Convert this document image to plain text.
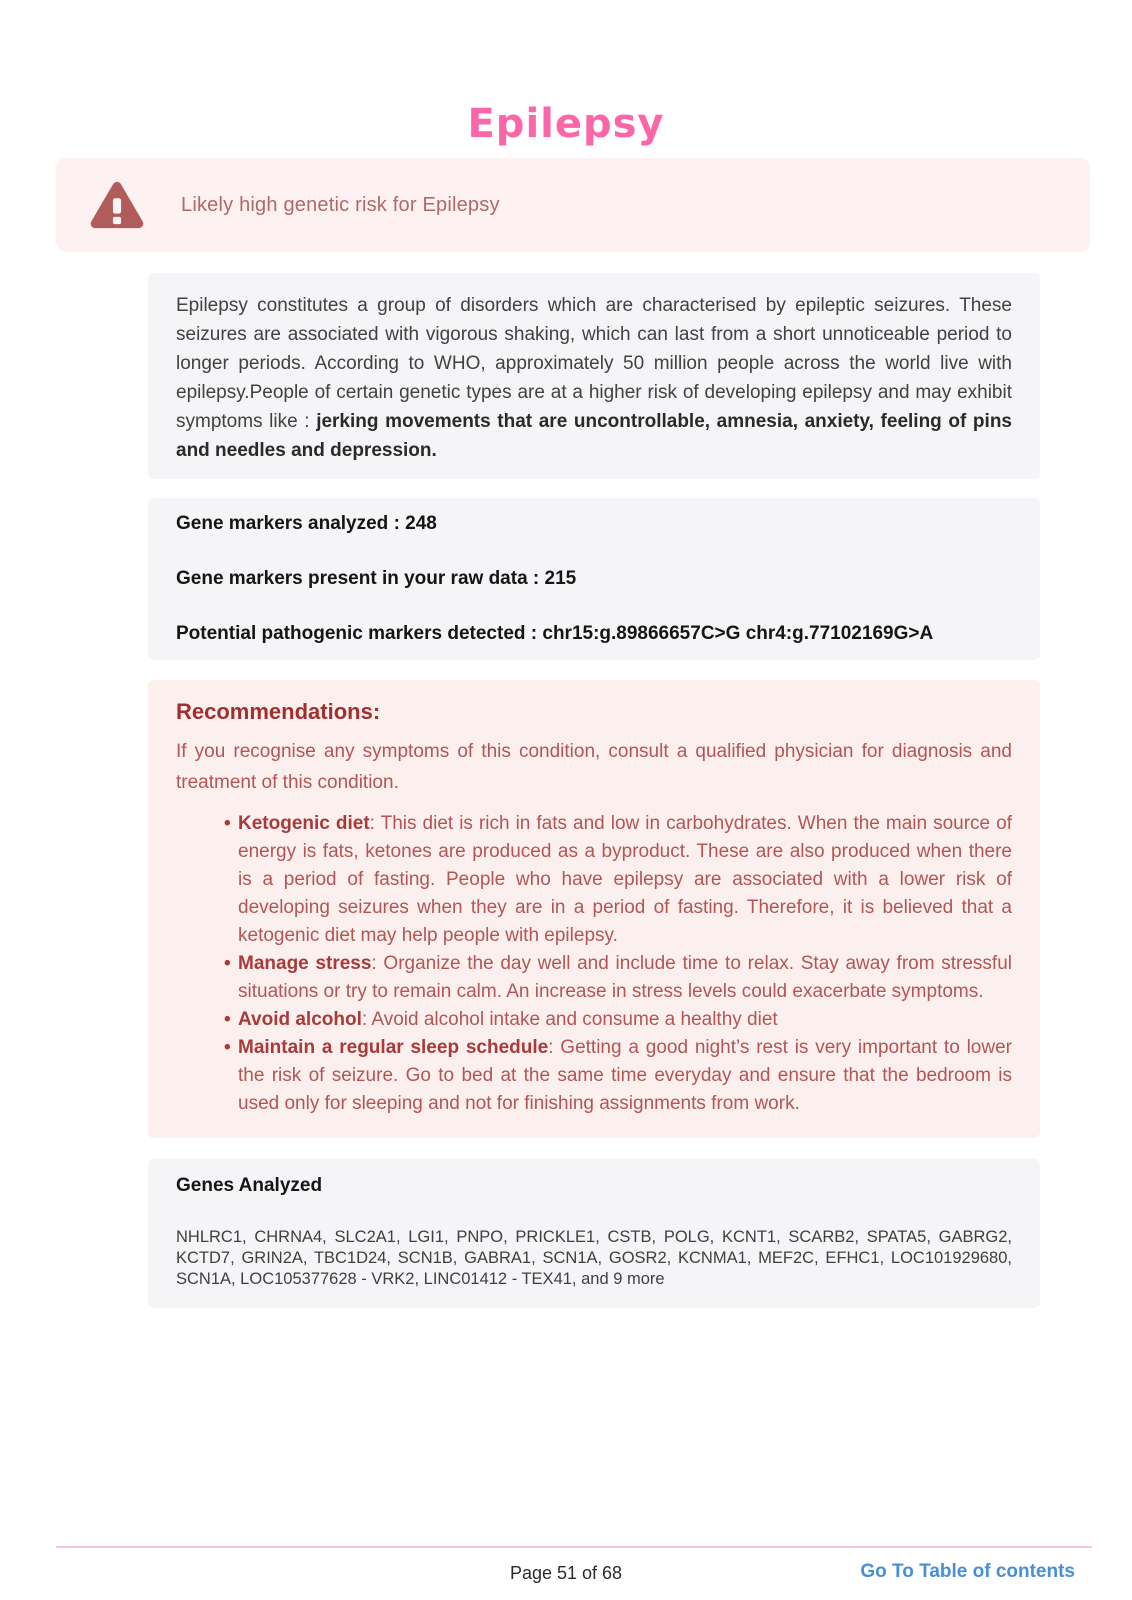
Epilepsy
Likely high genetic risk for Epilepsy

Epilepsy constitutes a group of disorders which are characterised by epileptic seizures. These seizures are associated with vigorous shaking, which can last from a short unnoticeable period to longer periods. According to WHO, approximately 50 million people across the world live with epilepsy.People of certain genetic types are at a higher risk of developing epilepsy and may exhibit symptoms like : jerking movements that are uncontrollable, amnesia, anxiety, feeling of pins and needles and depression.

Gene markers analyzed : 248

Gene markers present in your raw data : 215

Potential pathogenic markers detected : chr15:g.89866657C>G chr4:g.77102169G>A

Recommendations:

If you recognise any symptoms of this condition, consult a qualified physician for diagnosis and treatment of this condition.

• Ketogenic diet: This diet is rich in fats and low in carbohydrates. When the main source of energy is fats, ketones are produced as a byproduct. These are also produced when there is a period of fasting. People who have epilepsy are associated with a lower risk of developing seizures when they are in a period of fasting. Therefore, it is believed that a ketogenic diet may help people with epilepsy.
• Manage stress: Organize the day well and include time to relax. Stay away from stressful situations or try to remain calm. An increase in stress levels could exacerbate symptoms.
• Avoid alcohol: Avoid alcohol intake and consume a healthy diet
• Maintain a regular sleep schedule: Getting a good night’s rest is very important to lower the risk of seizure. Go to bed at the same time everyday and ensure that the bedroom is used only for sleeping and not for finishing assignments from work.
Genes Analyzed

NHLRC1, CHRNA4, SLC2A1, LGI1, PNPO, PRICKLE1, CSTB, POLG, KCNT1, SCARB2, SPATA5, GABRG2, KCTD7, GRIN2A, TBC1D24, SCN1B, GABRA1, SCN1A, GOSR2, KCNMA1, MEF2C, EFHC1, LOC101929680, SCN1A, LOC105377628 - VRK2, LINC01412 - TEX41, and 9 more

Page 51 of 68	Go To Table of contents
